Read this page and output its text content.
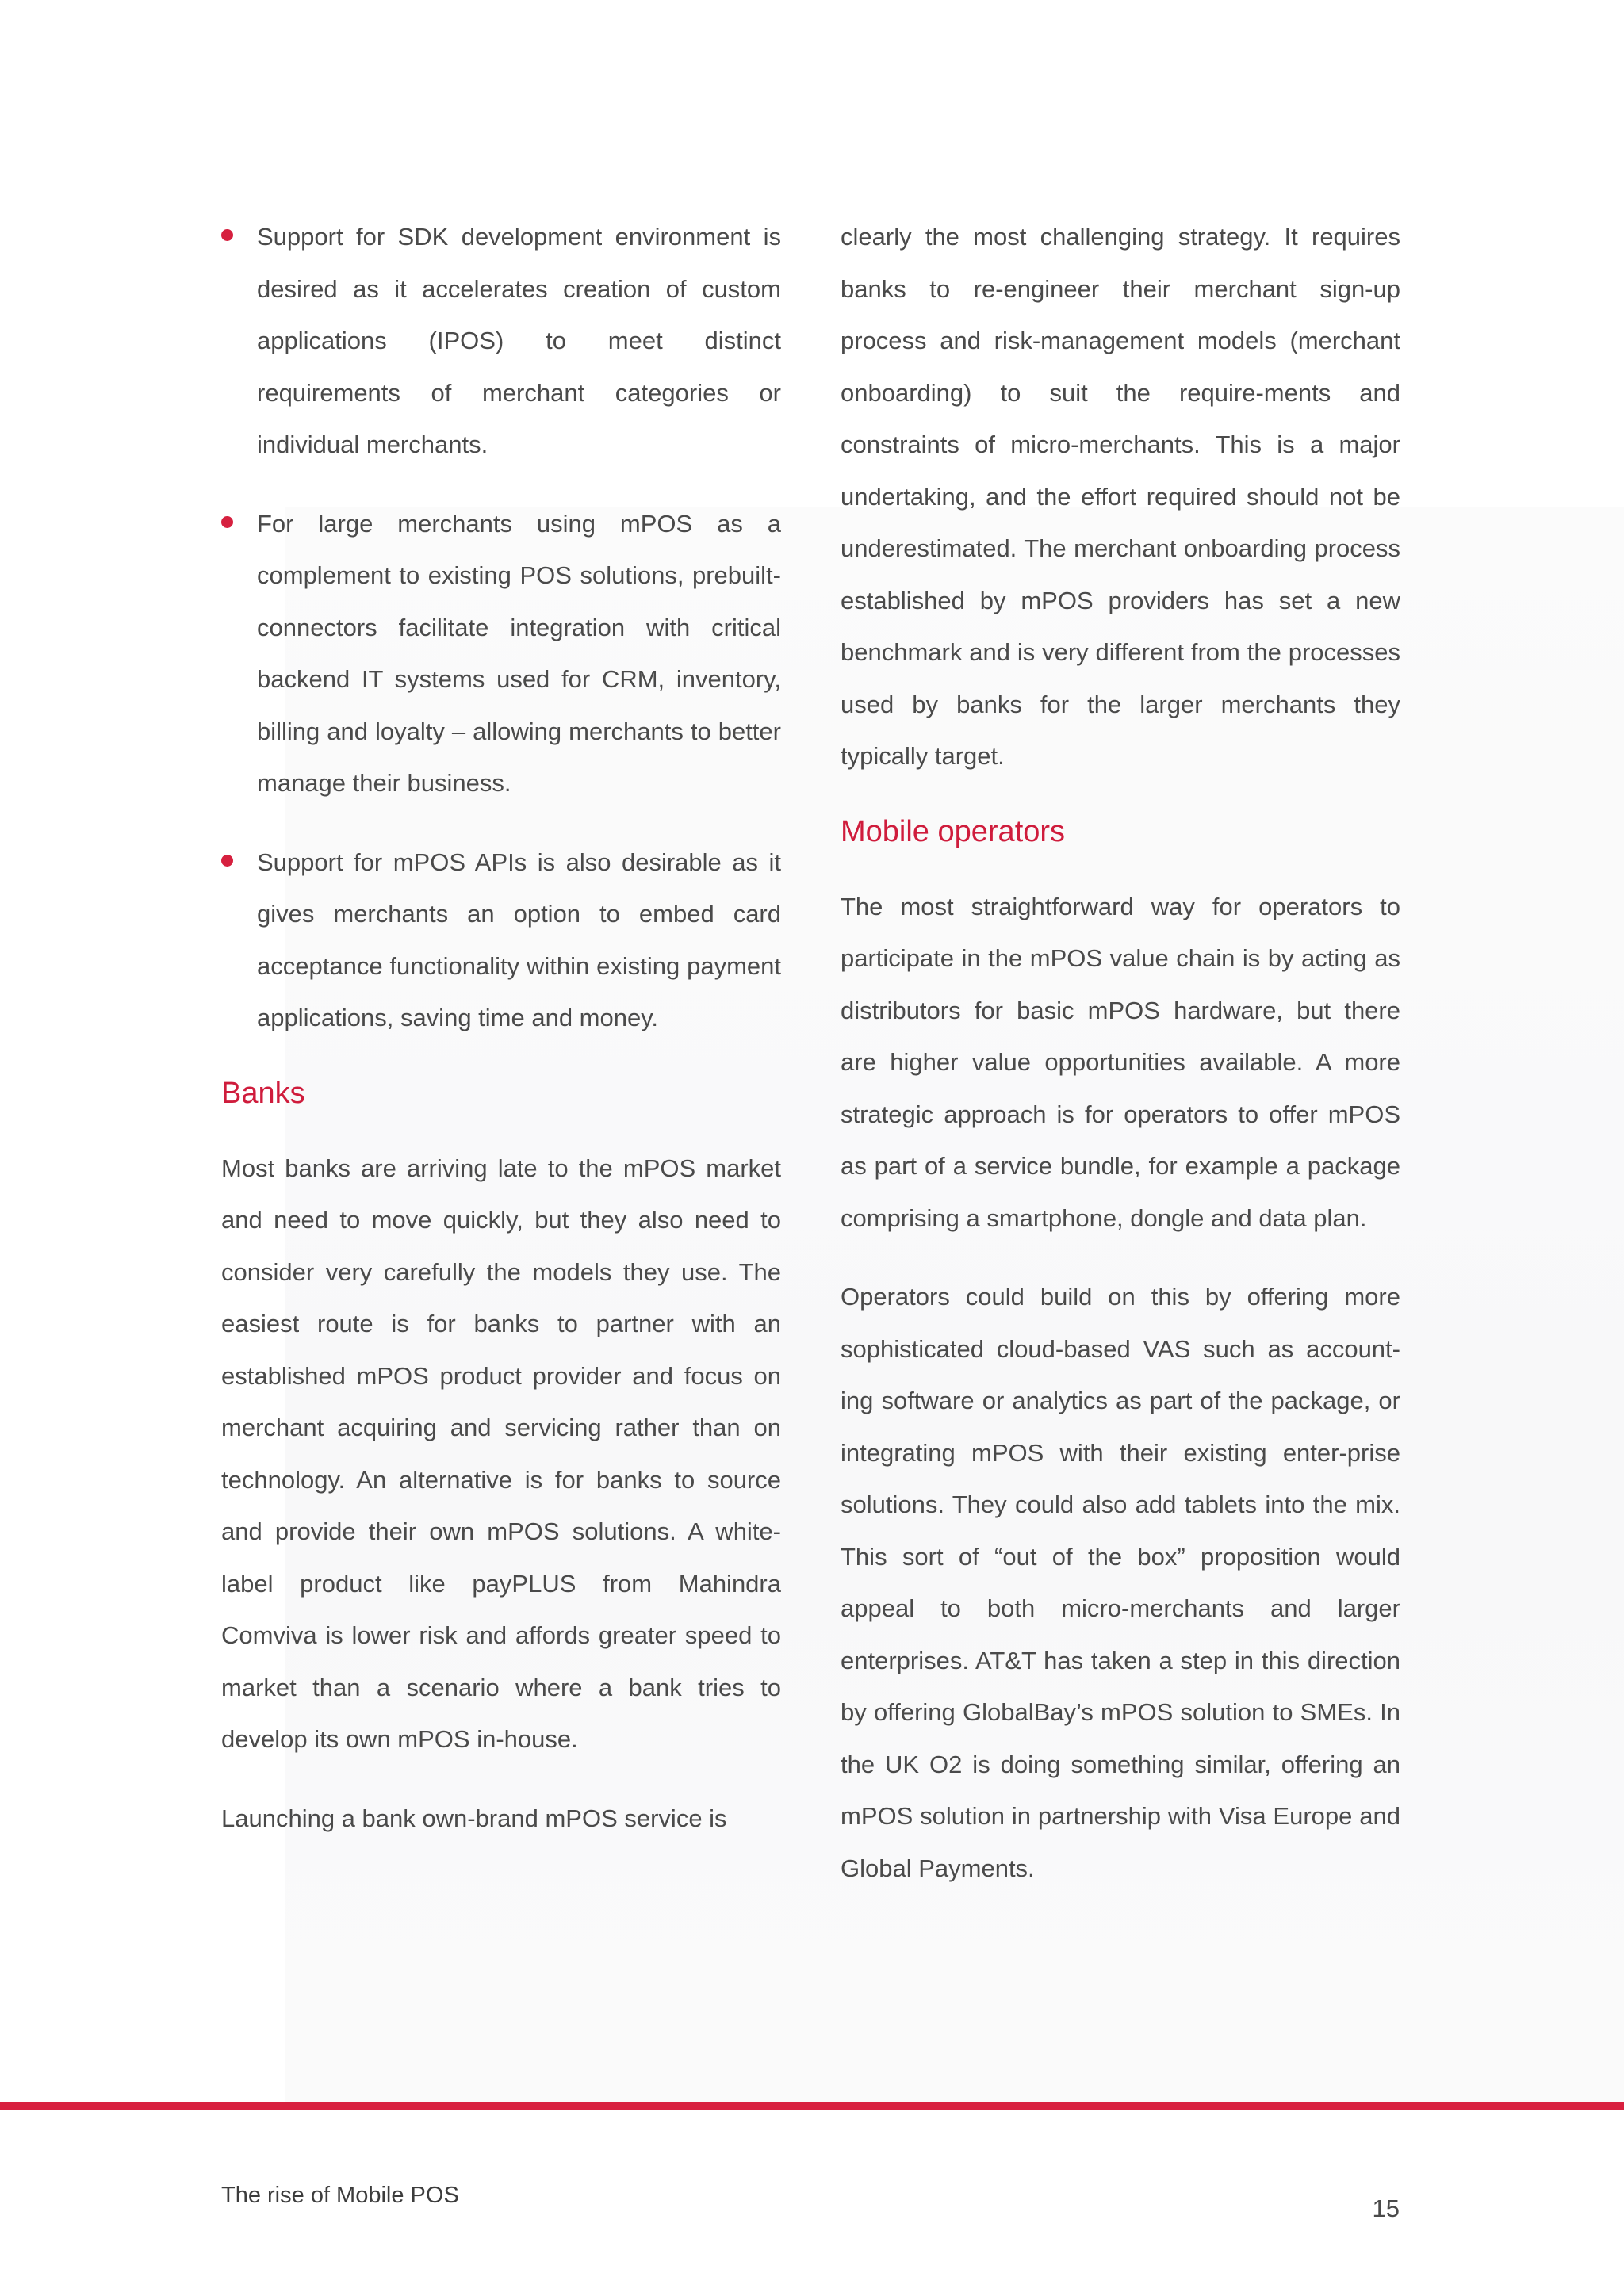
Support for SDK development environment is desired as it accelerates creation of custom applications (IPOS) to meet distinct requirements of merchant categories or individual merchants.
For large merchants using mPOS as a complement to existing POS solutions, prebuilt-connectors facilitate integration with critical backend IT systems used for CRM, inventory, billing and loyalty – allowing merchants to better manage their business.
Support for mPOS APIs is also desirable as it gives merchants an option to embed card acceptance functionality within existing payment applications, saving time and money.
Banks

Most banks are arriving late to the mPOS market and need to move quickly, but they also need to consider very carefully the models they use. The easiest route is for banks to partner with an established mPOS product provider and focus on merchant acquiring and servicing rather than on technology. An alternative is for banks to source and provide their own mPOS solutions. A white-label product like payPLUS from Mahindra Comviva is lower risk and affords greater speed to market than a scenario where a bank tries to develop its own mPOS in-house.

Launching a bank own-brand mPOS service is

clearly the most challenging strategy. It requires banks to re-engineer their merchant sign-up process and risk-management models (merchant onboarding) to suit the require-ments and constraints of micro-merchants. This is a major undertaking, and the effort required should not be underestimated. The merchant onboarding process established by mPOS providers has set a new benchmark and is very different from the processes used by banks for the larger merchants they typically target.

Mobile operators

The most straightforward way for operators to participate in the mPOS value chain is by acting as distributors for basic mPOS hardware, but there are higher value opportunities available. A more strategic approach is for operators to offer mPOS as part of a service bundle, for example a package comprising a smartphone, dongle and data plan.

Operators could build on this by offering more sophisticated cloud-based VAS such as account-ing software or analytics as part of the package, or integrating mPOS with their existing enter-prise solutions. They could also add tablets into the mix. This sort of “out of the box” proposition would appeal to both micro-merchants and larger enterprises. AT&T has taken a step in this direction by offering GlobalBay’s mPOS solution to SMEs. In the UK O2 is doing something similar, offering an mPOS solution in partnership with Visa Europe and Global Payments.

The rise of Mobile POS	15
